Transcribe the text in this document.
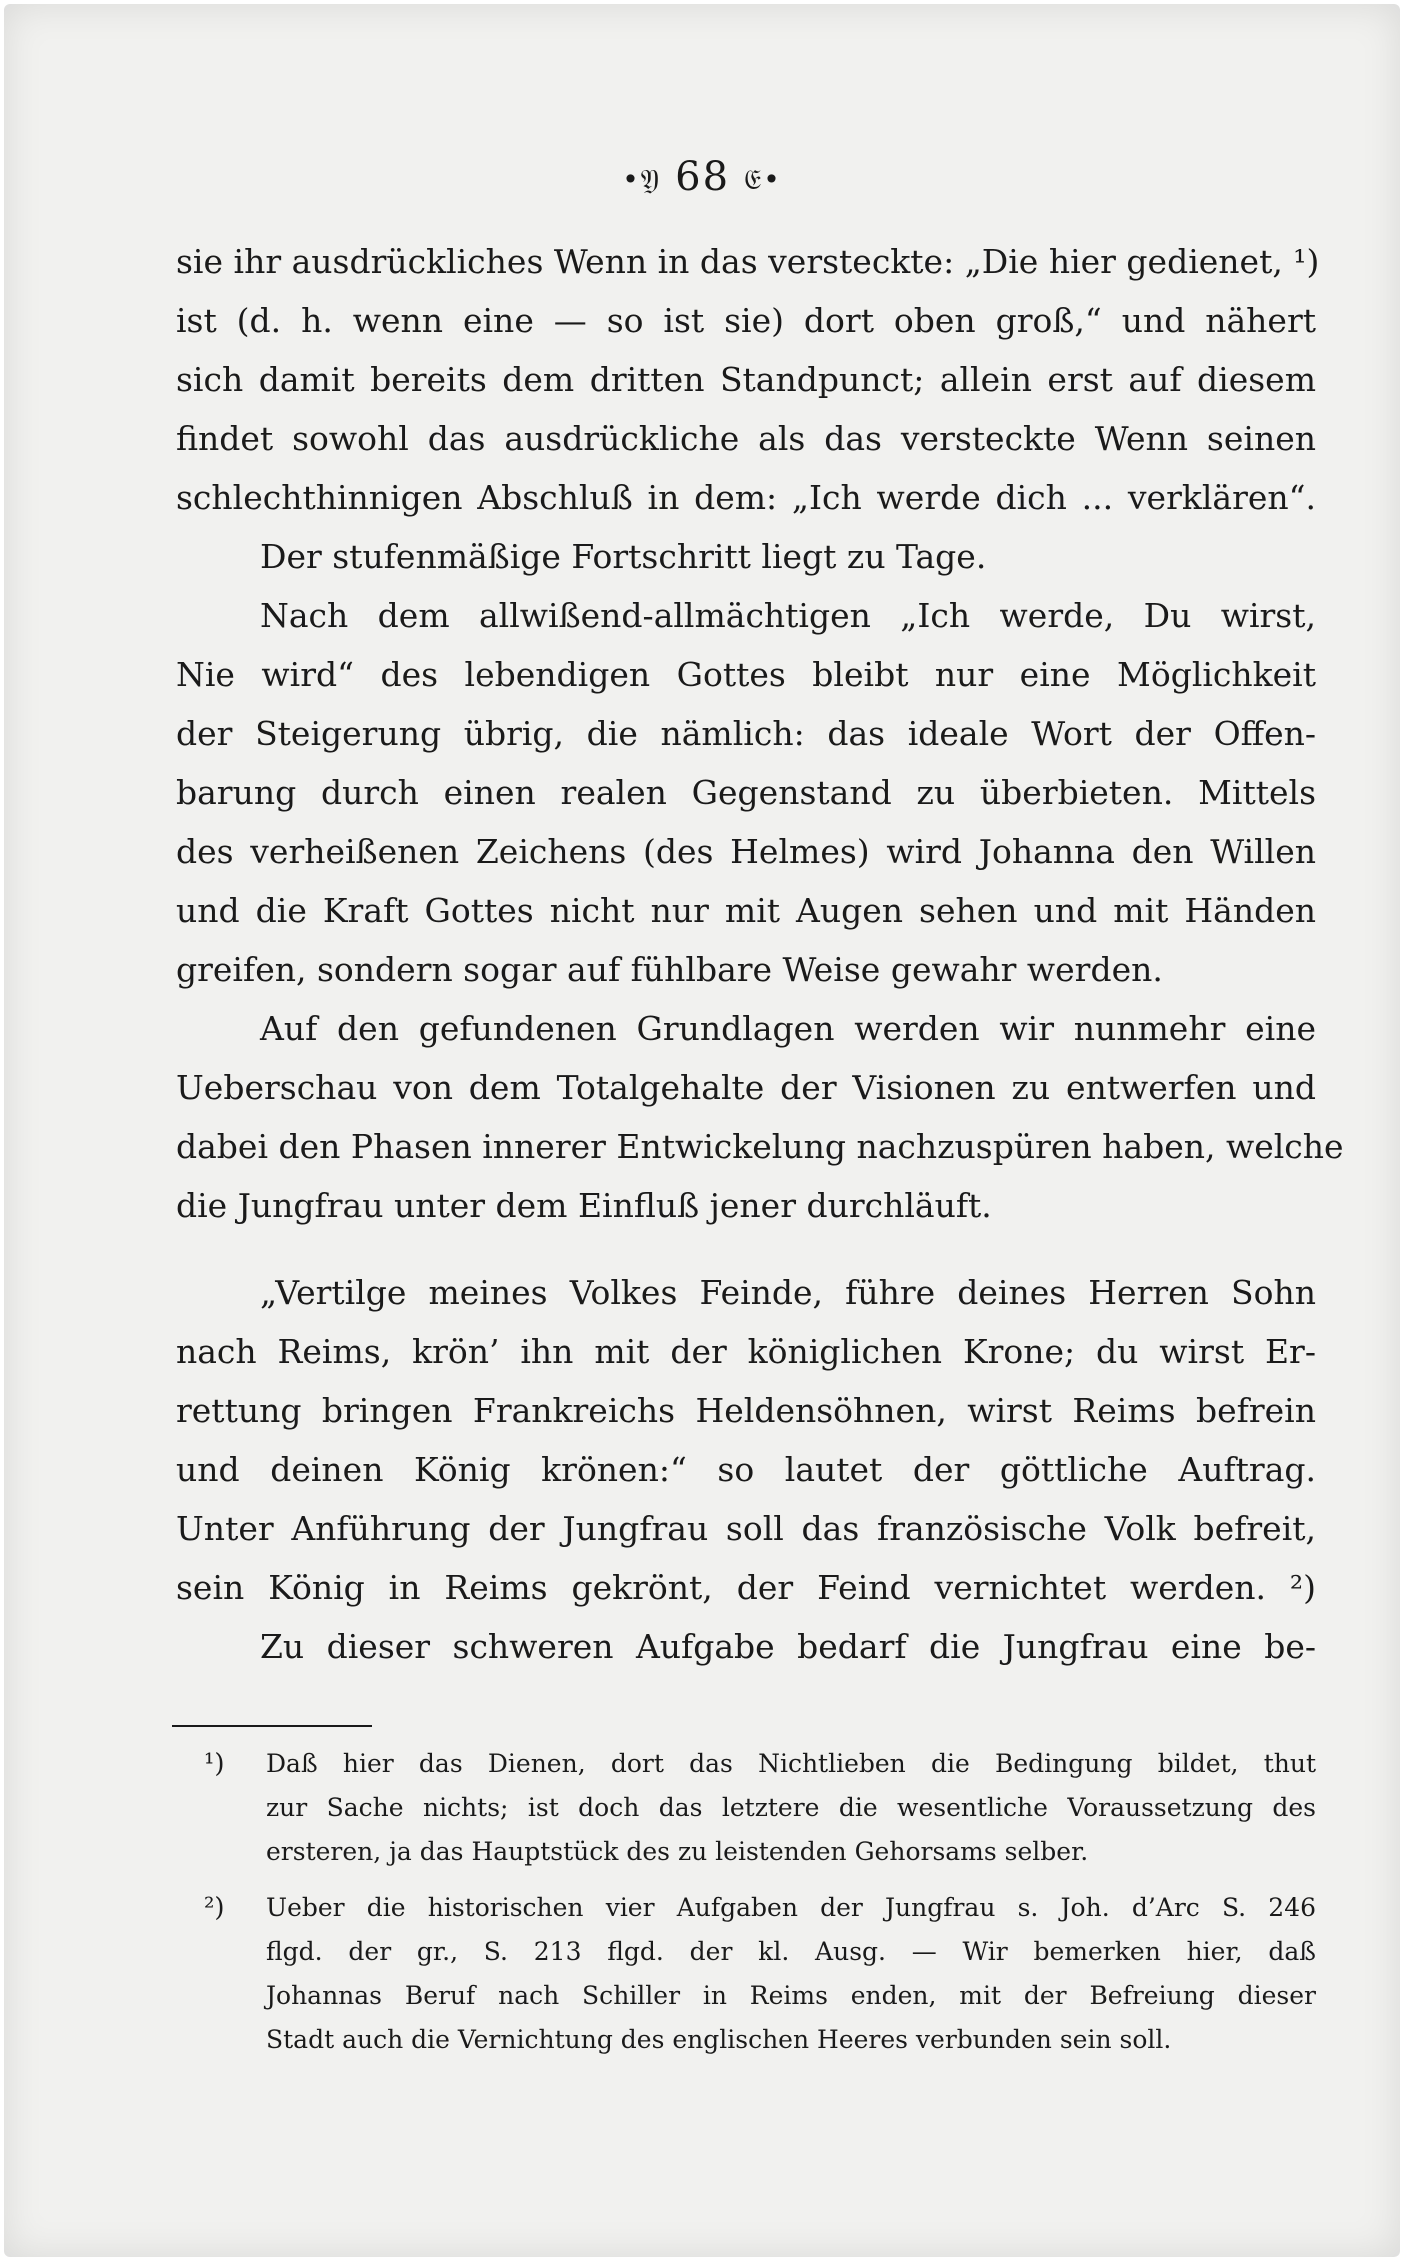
•𝔜 68 𝔈•
sie ihr ausdrückliches Wenn in das versteckte: „Die hier gedienet, ¹)
ist (d. h. wenn eine — so ist sie) dort oben groß,“ und nähert
sich damit bereits dem dritten Standpunct; allein erst auf diesem
findet sowohl das ausdrückliche als das versteckte Wenn seinen
schlechthinnigen Abschluß in dem: „Ich werde dich ... verklären“.
Der stufenmäßige Fortschritt liegt zu Tage.
Nach dem allwißend-allmächtigen „Ich werde, Du wirst,
Nie wird“ des lebendigen Gottes bleibt nur eine Möglichkeit
der Steigerung übrig, die nämlich: das ideale Wort der Offen-
barung durch einen realen Gegenstand zu überbieten. Mittels
des verheißenen Zeichens (des Helmes) wird Johanna den Willen
und die Kraft Gottes nicht nur mit Augen sehen und mit Händen
greifen, sondern sogar auf fühlbare Weise gewahr werden.
Auf den gefundenen Grundlagen werden wir nunmehr eine
Ueberschau von dem Totalgehalte der Visionen zu entwerfen und
dabei den Phasen innerer Entwickelung nachzuspüren haben, welche
die Jungfrau unter dem Einfluß jener durchläuft.
„Vertilge meines Volkes Feinde, führe deines Herren Sohn
nach Reims, krön’ ihn mit der königlichen Krone; du wirst Er-
rettung bringen Frankreichs Heldensöhnen, wirst Reims befrein
und deinen König krönen:“ so lautet der göttliche Auftrag.
Unter Anführung der Jungfrau soll das französische Volk befreit,
sein König in Reims gekrönt, der Feind vernichtet werden. ²)
Zu dieser schweren Aufgabe bedarf die Jungfrau eine be-
¹)	Daß hier das Dienen, dort das Nichtlieben die Bedingung bildet, thut
zur Sache nichts; ist doch das letztere die wesentliche Voraussetzung des
ersteren, ja das Hauptstück des zu leistenden Gehorsams selber.
²)	Ueber die historischen vier Aufgaben der Jungfrau s. Joh. d’Arc S. 246
flgd. der gr., S. 213 flgd. der kl. Ausg. — Wir bemerken hier, daß
Johannas Beruf nach Schiller in Reims enden, mit der Befreiung dieser
Stadt auch die Vernichtung des englischen Heeres verbunden sein soll.
